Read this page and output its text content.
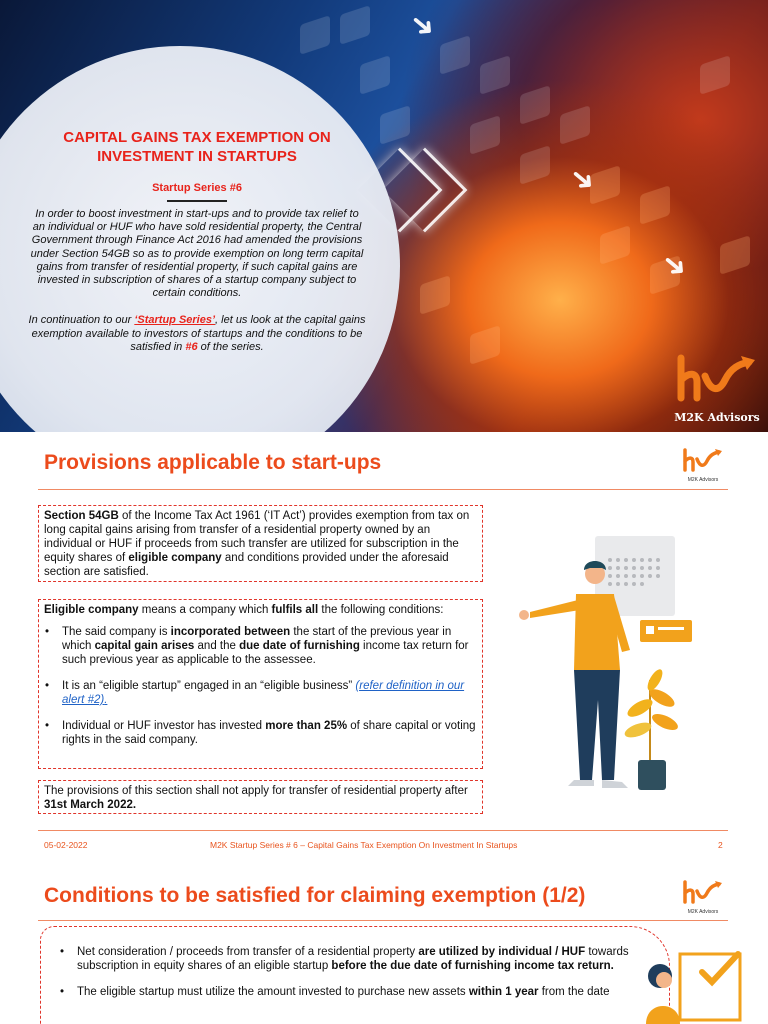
➜
➜
➜
CAPITAL GAINS TAX EXEMPTION ON INVESTMENT IN STARTUPS
Startup Series #6

In order to boost investment in start-ups and to provide tax relief to an individual or HUF who have sold residential property, the Central Government through Finance Act 2016 had amended the provisions under Section 54GB so as to provide exemption on long term capital gains from transfer of residential property, if such capital gains are invested in subscription of shares of a startup company subject to certain conditions.

In continuation to our ‘Startup Series’, let us look at the capital gains exemption available to investors of startups and the conditions to be satisfied in #6 of the series.

M2K Advisors
Provisions applicable to start-ups
M2K Advisors
Section 54GB of the Income Tax Act 1961 (‘IT Act’) provides exemption from tax on long capital gains arising from transfer of a residential property owned by an individual or HUF if proceeds from such transfer are utilized for subscription in the equity shares of eligible company and conditions provided under the aforesaid section are satisfied.
Eligible company means a company which fulfils all the following conditions:
• The said company is incorporated between the start of the previous year in which capital gain arises and the due date of furnishing income tax return for such previous year as applicable to the assessee.
• It is an “eligible startup” engaged in an “eligible business” (refer definition in our alert #2).
• Individual or HUF investor has invested more than 25% of share capital or voting rights in the said company.
The provisions of this section shall not apply for transfer of residential property after 31st March 2022.
05-02-2022	M2K Startup Series # 6 – Capital Gains Tax Exemption On Investment In Startups	2
Conditions to be satisfied for claiming exemption (1/2)
M2K Advisors
• Net consideration / proceeds from transfer of a residential property are utilized by individual / HUF towards subscription in equity shares of an eligible startup before the due date of furnishing income tax return.
• The eligible startup must utilize the amount invested to purchase new assets within 1 year from the date
